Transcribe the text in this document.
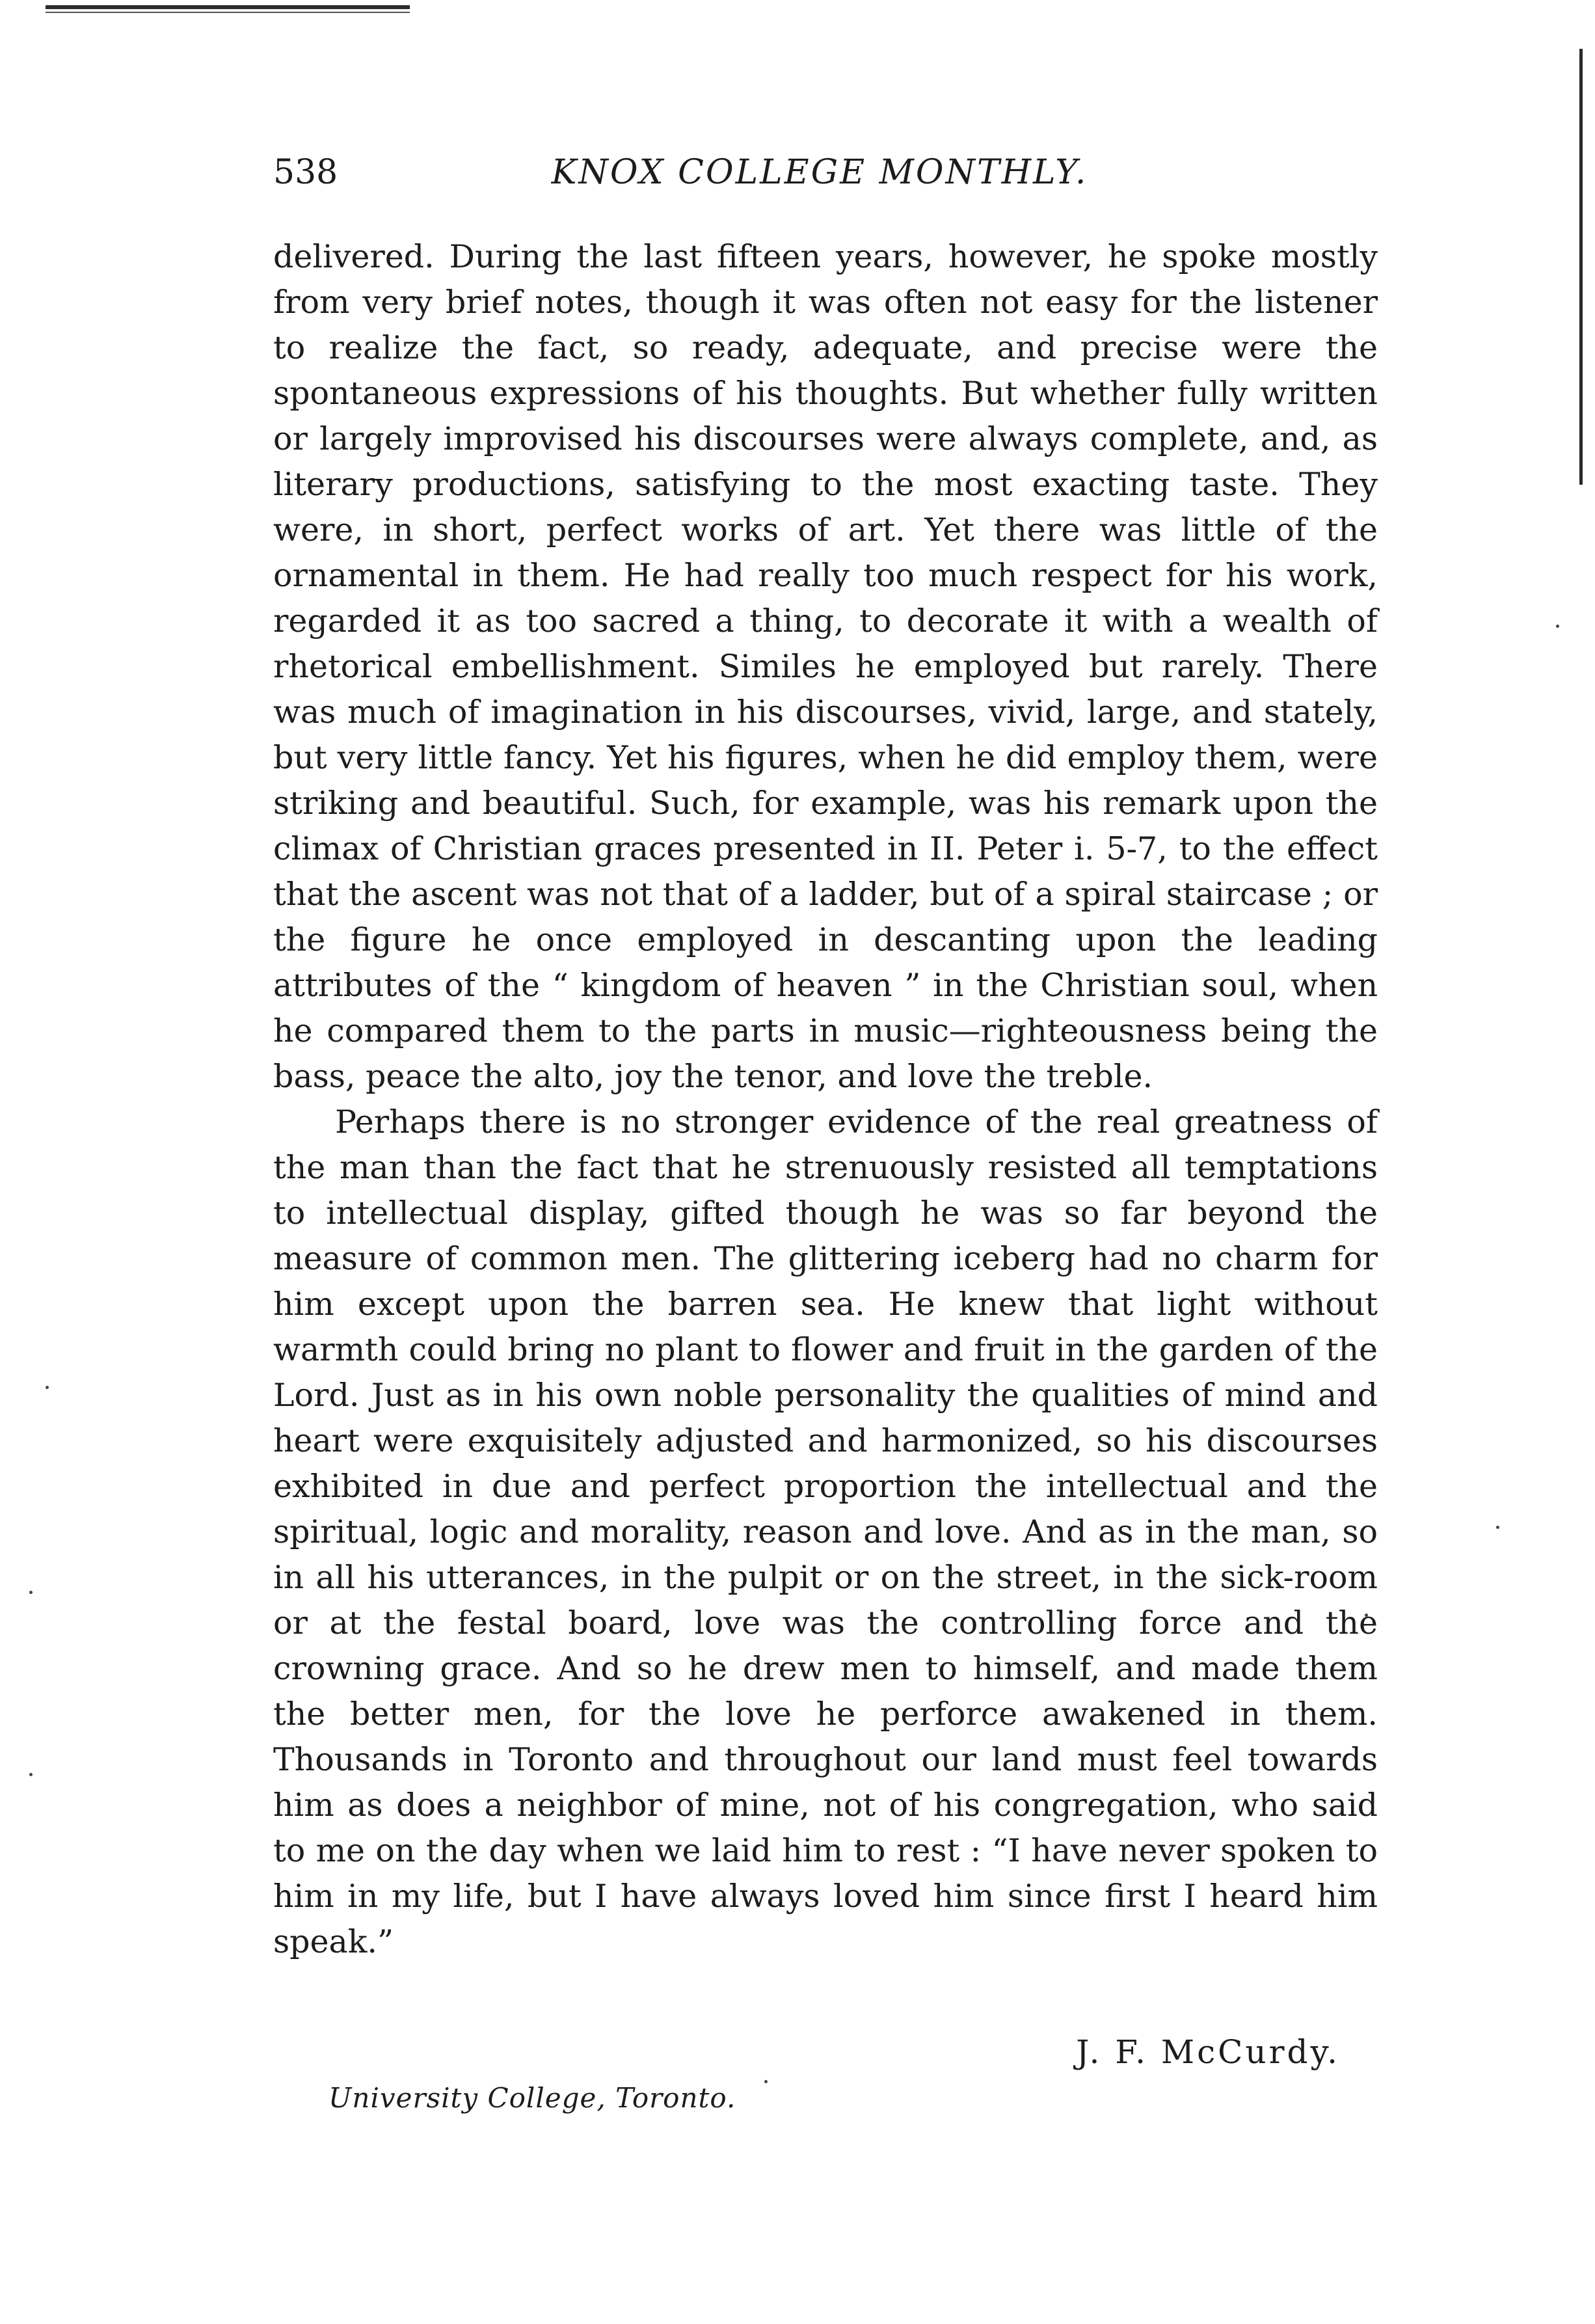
538	KNOX COLLEGE MONTHLY.

delivered. During the last fifteen years, however, he spoke mostly from very brief notes, though it was often not easy for the listener to realize the fact, so ready, adequate, and precise were the spontaneous expressions of his thoughts. But whether fully written or largely improvised his discourses were always complete, and, as literary productions, satisfying to the most exacting taste. They were, in short, perfect works of art. Yet there was little of the ornamental in them. He had really too much respect for his work, regarded it as too sacred a thing, to decorate it with a wealth of rhetorical embellishment. Similes he employed but rarely. There was much of imagination in his discourses, vivid, large, and stately, but very little fancy. Yet his figures, when he did employ them, were striking and beautiful. Such, for example, was his remark upon the climax of Christian graces presented in II. Peter i. 5-7, to the effect that the ascent was not that of a ladder, but of a spiral staircase ; or the figure he once employed in descanting upon the leading attributes of the “ kingdom of heaven ” in the Christian soul, when he compared them to the parts in music—righteousness being the bass, peace the alto, joy the tenor, and love the treble.

Perhaps there is no stronger evidence of the real greatness of the man than the fact that he strenuously resisted all temptations to intellectual display, gifted though he was so far beyond the measure of common men. The glittering iceberg had no charm for him except upon the barren sea. He knew that light without warmth could bring no plant to flower and fruit in the garden of the Lord. Just as in his own noble personality the qualities of mind and heart were exquisitely adjusted and harmonized, so his discourses exhibited in due and perfect proportion the intellectual and the spiritual, logic and morality, reason and love. And as in the man, so in all his utterances, in the pulpit or on the street, in the sick-room or at the festal board, love was the controlling force and the crowning grace. And so he drew men to himself, and made them the better men, for the love he perforce awakened in them. Thousands in Toronto and throughout our land must feel towards him as does a neighbor of mine, not of his congregation, who said to me on the day when we laid him to rest : “I have never spoken to him in my life, but I have always loved him since first I heard him speak.”

J. F. McCurdy.
University College, Toronto.
